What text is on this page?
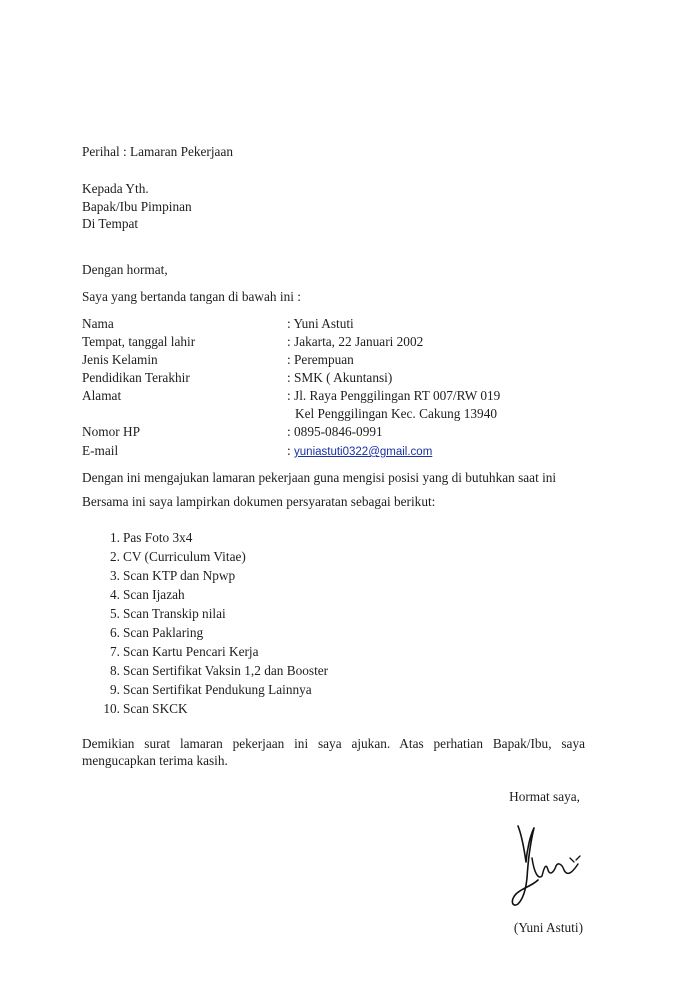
Perihal : Lamaran Pekerjaan
Kepada Yth.
Bapak/Ibu Pimpinan
Di Tempat
Dengan hormat,
Saya yang bertanda tangan di bawah ini :
Nama	: Yuni Astuti
Tempat, tanggal lahir	: Jakarta, 22 Januari 2002
Jenis Kelamin	: Perempuan
Pendidikan Terakhir	: SMK ( Akuntansi)
Alamat	: Jl. Raya Penggilingan RT 007/RW 019
Kel Penggilingan Kec. Cakung 13940
Nomor HP	: 0895-0846-0991
E-mail	: yuniastuti0322@gmail.com
Dengan ini mengajukan lamaran pekerjaan guna mengisi posisi yang di butuhkan saat ini
Bersama ini saya lampirkan dokumen persyaratan sebagai berikut:
1. Pas Foto 3x4
2. CV (Curriculum Vitae)
3. Scan KTP dan Npwp
4. Scan Ijazah
5. Scan Transkip nilai
6. Scan Paklaring
7. Scan Kartu Pencari Kerja
8. Scan Sertifikat Vaksin 1,2 dan Booster
9. Scan Sertifikat Pendukung Lainnya
10. Scan SKCK
Demikian surat lamaran pekerjaan ini saya ajukan. Atas perhatian Bapak/Ibu, saya
mengucapkan terima kasih.
Hormat saya,
(Yuni Astuti)
